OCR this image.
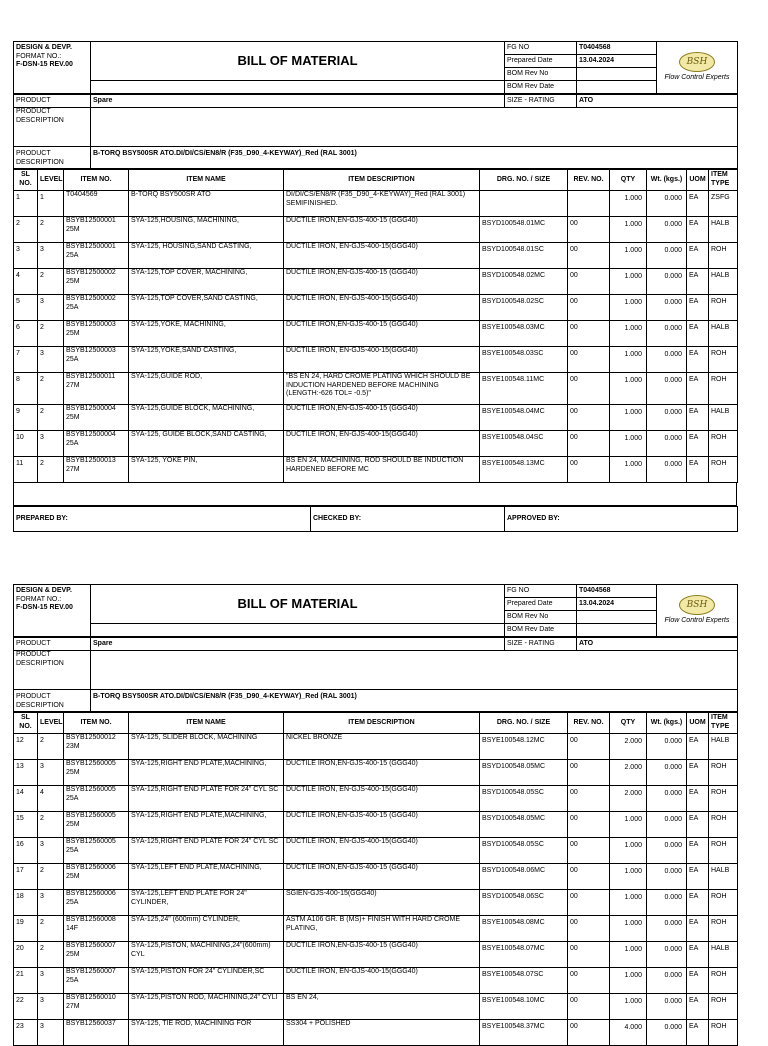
DESIGN & DEVP.
FORMAT NO.:
F-DSN-15 REV.00	BILL OF MATERIAL	FG NO	T0404568	BSH
Flow Control Experts

		Prepared Date	13.04.2024	
		BOM Rev No		
		BOM Rev Date		
PRODUCT	Spare	SIZE - RATING	ATO
PRODUCT DESCRIPTION			
PRODUCT DESCRIPTION	B-TORQ BSY500SR ATO.DI/DI/CS/EN8/R (F35_D90_4-KEYWAY)_Red (RAL 3001)		
SL NO.	LEVEL	ITEM NO.	ITEM NAME	ITEM DESCRIPTION	DRG. NO. / SIZE	REV. NO.	QTY	Wt. (kgs.)	UOM	ITEM TYPE
1	1	T0404569	B-TORQ BSY500SR ATO	DI/DI/CS/EN8/R (F35_D90_4-KEYWAY)_Red (RAL 3001) SEMIFINISHED.			1.000	0.000	EA	ZSFG
2	2	BSYB12500001 25M	SYA-125,HOUSING, MACHINING,	DUCTILE IRON,EN-GJS-400-15 (GGG40)	BSYD100548.01MC	00	1.000	0.000	EA	HALB
3	3	BSYB12500001 25A	SYA-125, HOUSING,SAND CASTING,	DUCTILE IRON, EN-GJS-400-15(GGG40)	BSYD100548.01SC	00	1.000	0.000	EA	ROH
4	2	BSYB12500002 25M	SYA-125,TOP COVER, MACHINING,	DUCTILE IRON,EN-GJS-400-15 (GGG40)	BSYD100548.02MC	00	1.000	0.000	EA	HALB
5	3	BSYB12500002 25A	SYA-125,TOP COVER,SAND CASTING,	DUCTILE IRON, EN-GJS-400-15(GGG40)	BSYD100548.02SC	00	1.000	0.000	EA	ROH
6	2	BSYB12500003 25M	SYA-125,YOKE, MACHINING,	DUCTILE IRON,EN-GJS-400-15 (GGG40)	BSYE100548.03MC	00	1.000	0.000	EA	HALB
7	3	BSYB12500003 25A	SYA-125,YOKE,SAND CASTING,	DUCTILE IRON, EN-GJS-400-15(GGG40)	BSYE100548.03SC	00	1.000	0.000	EA	ROH
8	2	BSYB12500011 27M	SYA-125,GUIDE ROD,	"BS EN 24, HARD CROME PLATING WHICH SHOULD BE INDUCTION HARDENED BEFORE MACHINING (LENGTH:-626 TOL= -0.5)"	BSYE100548.11MC	00	1.000	0.000	EA	ROH
9	2	BSYB12500004 25M	SYA-125,GUIDE BLOCK, MACHINING,	DUCTILE IRON,EN-GJS-400-15 (GGG40)	BSYE100548.04MC	00	1.000	0.000	EA	HALB
10	3	BSYB12500004 25A	SYA-125, GUIDE BLOCK,SAND CASTING,	DUCTILE IRON, EN-GJS-400-15(GGG40)	BSYE100548.04SC	00	1.000	0.000	EA	ROH
11	2	BSYB12500013 27M	SYA-125, YOKE PIN,	BS EN 24, MACHINING, ROD SHOULD BE INDUCTION HARDENED BEFORE MC	BSYE100548.13MC	00	1.000	0.000	EA	ROH
PREPARED BY:	CHECKED BY:	APPROVED BY:
DESIGN & DEVP.
FORMAT NO.:
F-DSN-15 REV.00	BILL OF MATERIAL	FG NO	T0404568	BSH
Flow Control Experts

		Prepared Date	13.04.2024	
		BOM Rev No		
		BOM Rev Date		
PRODUCT	Spare	SIZE - RATING	ATO
PRODUCT DESCRIPTION			
PRODUCT DESCRIPTION	B-TORQ BSY500SR ATO.DI/DI/CS/EN8/R (F35_D90_4-KEYWAY)_Red (RAL 3001)		
SL NO.	LEVEL	ITEM NO.	ITEM NAME	ITEM DESCRIPTION	DRG. NO. / SIZE	REV. NO.	QTY	Wt. (kgs.)	UOM	ITEM TYPE
12	2	BSYB12500012 23M	SYA-125, SLIDER BLOCK, MACHINING	NICKEL BRONZE	BSYE100548.12MC	00	2.000	0.000	EA	HALB
13	3	BSYB12560005 25M	SYA-125,RIGHT END PLATE,MACHINING,	DUCTILE IRON,EN-GJS-400-15 (GGG40)	BSYD100548.05MC	00	2.000	0.000	EA	ROH
14	4	BSYB12560005 25A	SYA-125,RIGHT END PLATE FOR 24" CYL SC	DUCTILE IRON, EN-GJS-400-15(GGG40)	BSYD100548.05SC	00	2.000	0.000	EA	ROH
15	2	BSYB12560005 25M	SYA-125,RIGHT END PLATE,MACHINING,	DUCTILE IRON,EN-GJS-400-15 (GGG40)	BSYD100548.05MC	00	1.000	0.000	EA	ROH
16	3	BSYB12560005 25A	SYA-125,RIGHT END PLATE FOR 24" CYL SC	DUCTILE IRON, EN-GJS-400-15(GGG40)	BSYD100548.05SC	00	1.000	0.000	EA	ROH
17	2	BSYB12560006 25M	SYA-125,LEFT END PLATE,MACHINING,	DUCTILE IRON,EN-GJS-400-15 (GGG40)	BSYD100548.06MC	00	1.000	0.000	EA	HALB
18	3	BSYB12560006 25A	SYA-125,LEFT END PLATE FOR 24" CYLINDER,	SGIEN-GJS-400-15(GGG40)	BSYD100548.06SC	00	1.000	0.000	EA	ROH
19	2	BSYB12560008 14F	SYA-125,24" (600mm) CYLINDER,	ASTM A106 GR. B (MS)+ FINISH WITH HARD CROME PLATING,	BSYE100548.08MC	00	1.000	0.000	EA	ROH
20	2	BSYB12560007 25M	SYA-125,PISTON, MACHINING,24"(600mm) CYL	DUCTILE IRON,EN-GJS-400-15 (GGG40)	BSYE100548.07MC	00	1.000	0.000	EA	HALB
21	3	BSYB12560007 25A	SYA-125,PISTON FOR 24" CYLINDER,SC	DUCTILE IRON, EN-GJS-400-15(GGG40)	BSYE100548.07SC	00	1.000	0.000	EA	ROH
22	3	BSYB12560010 27M	SYA-125,PISTON ROD, MACHINING,24" CYLI	BS EN 24,	BSYE100548.10MC	00	1.000	0.000	EA	ROH
23	3	BSYB12560037	SYA-125, TIE ROD, MACHINING FOR	SS304 + POLISHED	BSYE100548.37MC	00	4.000	0.000	EA	ROH
